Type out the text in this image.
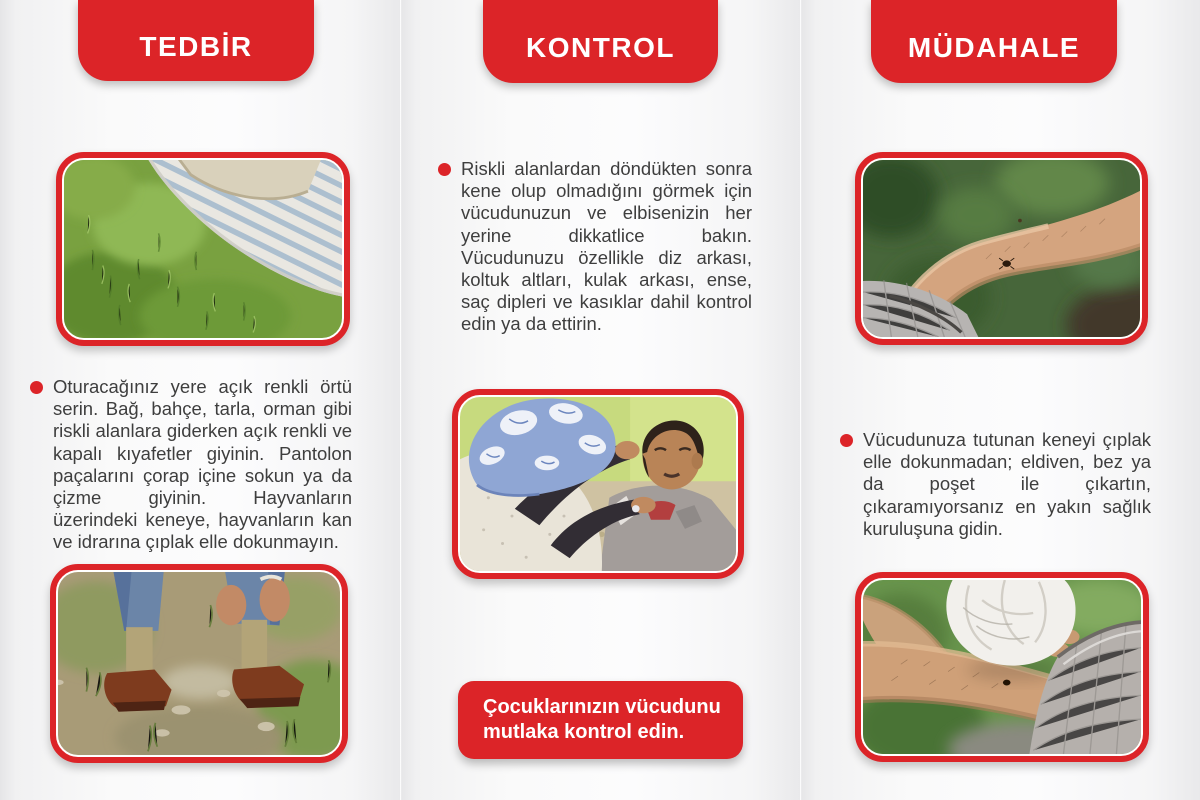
TEDBİR	KONTROL	MÜDAHALE

Oturacağınız yere açık renkli örtü serin. Bağ, bahçe, tarla, orman gibi riskli alanlara giderken açık renkli ve kapalı kıyafetler giyinin. Pantolon paçalarını çorap içine sokun ya da çizme giyinin. Hayvanların üzerindeki keneye, hayvanların kan ve idrarına çıplak elle dokunmayın.

Riskli alanlardan döndükten sonra kene olup olmadığını görmek için vücudunuzun ve elbisenizin her yerine dikkatlice bakın. Vücudunuzu özellikle diz arkası, koltuk altları, kulak arkası, ense, saç dipleri ve kasıklar dahil kontrol edin ya da ettirin.

Çocuklarınızın vücudunu mutlaka kontrol edin.

Vücudunuza tutunan keneyi çıplak elle dokunmadan; eldiven, bez ya da poşet ile çıkartın, çıkaramıyorsanız en yakın sağlık kuruluşuna gidin.
